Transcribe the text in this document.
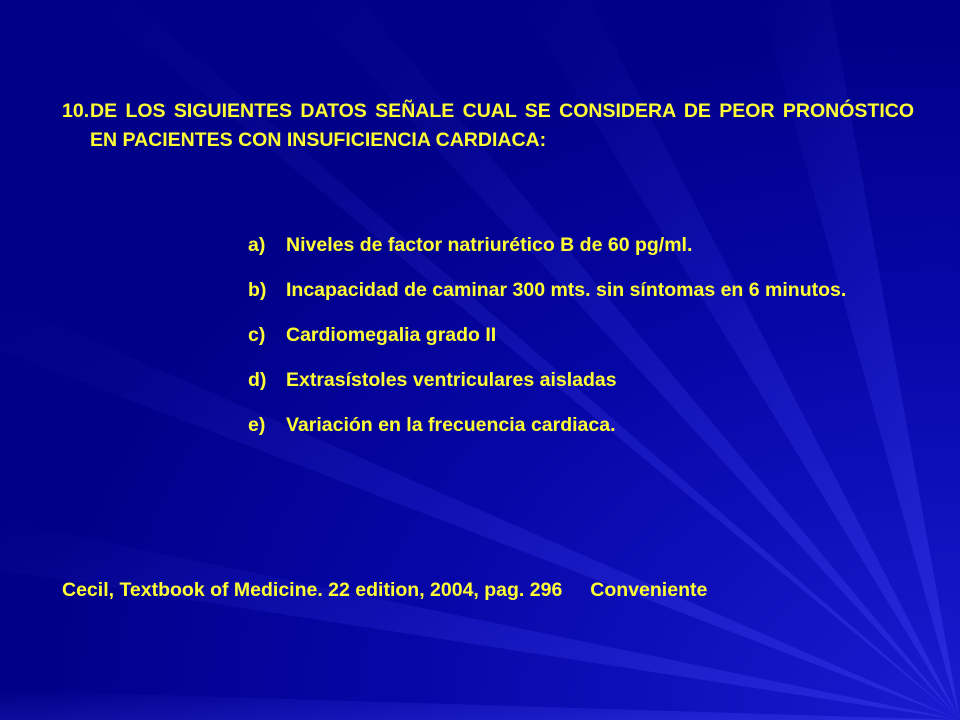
10. DE LOS SIGUIENTES DATOS SEÑALE CUAL SE CONSIDERA DE PEOR PRONÓSTICO EN PACIENTES CON INSUFICIENCIA CARDIACA:
a)	Niveles de factor natriurético B de 60 pg/ml.
b)	Incapacidad de caminar 300 mts. sin síntomas en 6 minutos.
c)	Cardiomegalia grado II
d)	Extrasístoles ventriculares aisladas
e)	Variación en la frecuencia cardiaca.
Cecil, Textbook of Medicine. 22 edition, 2004, pag. 296 Conveniente
